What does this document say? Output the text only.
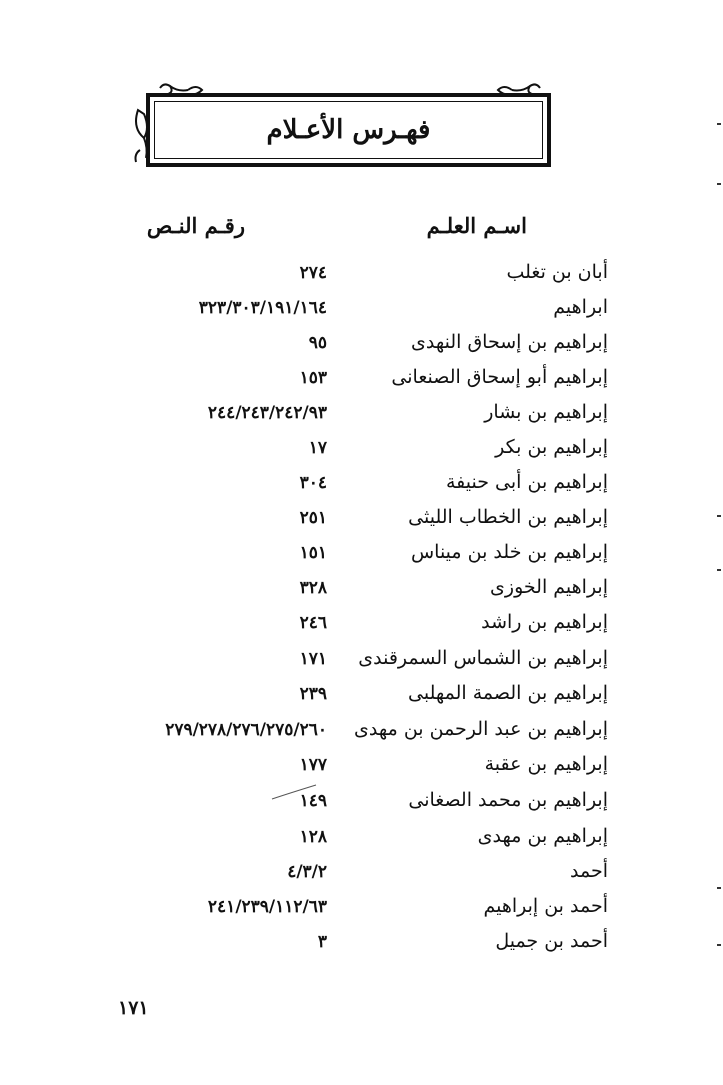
فهـرس الأعـلام
اسـم العلـم
رقـم النـص
أبان بن تغلب
٢٧٤
ابراهيم
٣٢٣/٣٠٣/١٩١/١٦٤
إبراهيم بن إسحاق النهدى
٩٥
إبراهيم أبو إسحاق الصنعانى
١٥٣
إبراهيم بن بشار
٢٤٤/٢٤٣/٢٤٢/٩٣
إبراهيم بن بكر
١٧
إبراهيم بن أبى حنيفة
٣٠٤
إبراهيم بن الخطاب الليثى
٢٥١
إبراهيم بن خلد بن ميناس
١٥١
إبراهيم الخوزى
٣٢٨
إبراهيم بن راشد
٢٤٦
إبراهيم بن الشماس السمرقندى
١٧١
إبراهيم بن الصمة المهلبى
٢٣٩
إبراهيم بن عبد الرحمن بن مهدى
٢٧٩/٢٧٨/٢٧٦/٢٧٥/٢٦٠
إبراهيم بن عقبة
١٧٧
إبراهيم بن محمد الصغانى
١٤٩
إبراهيم بن مهدى
١٢٨
أحمد
٤/٣/٢
أحمد بن إبراهيم
٢٤١/٢٣٩/١١٢/٦٣
أحمد بن جميل
٣
١٧١
